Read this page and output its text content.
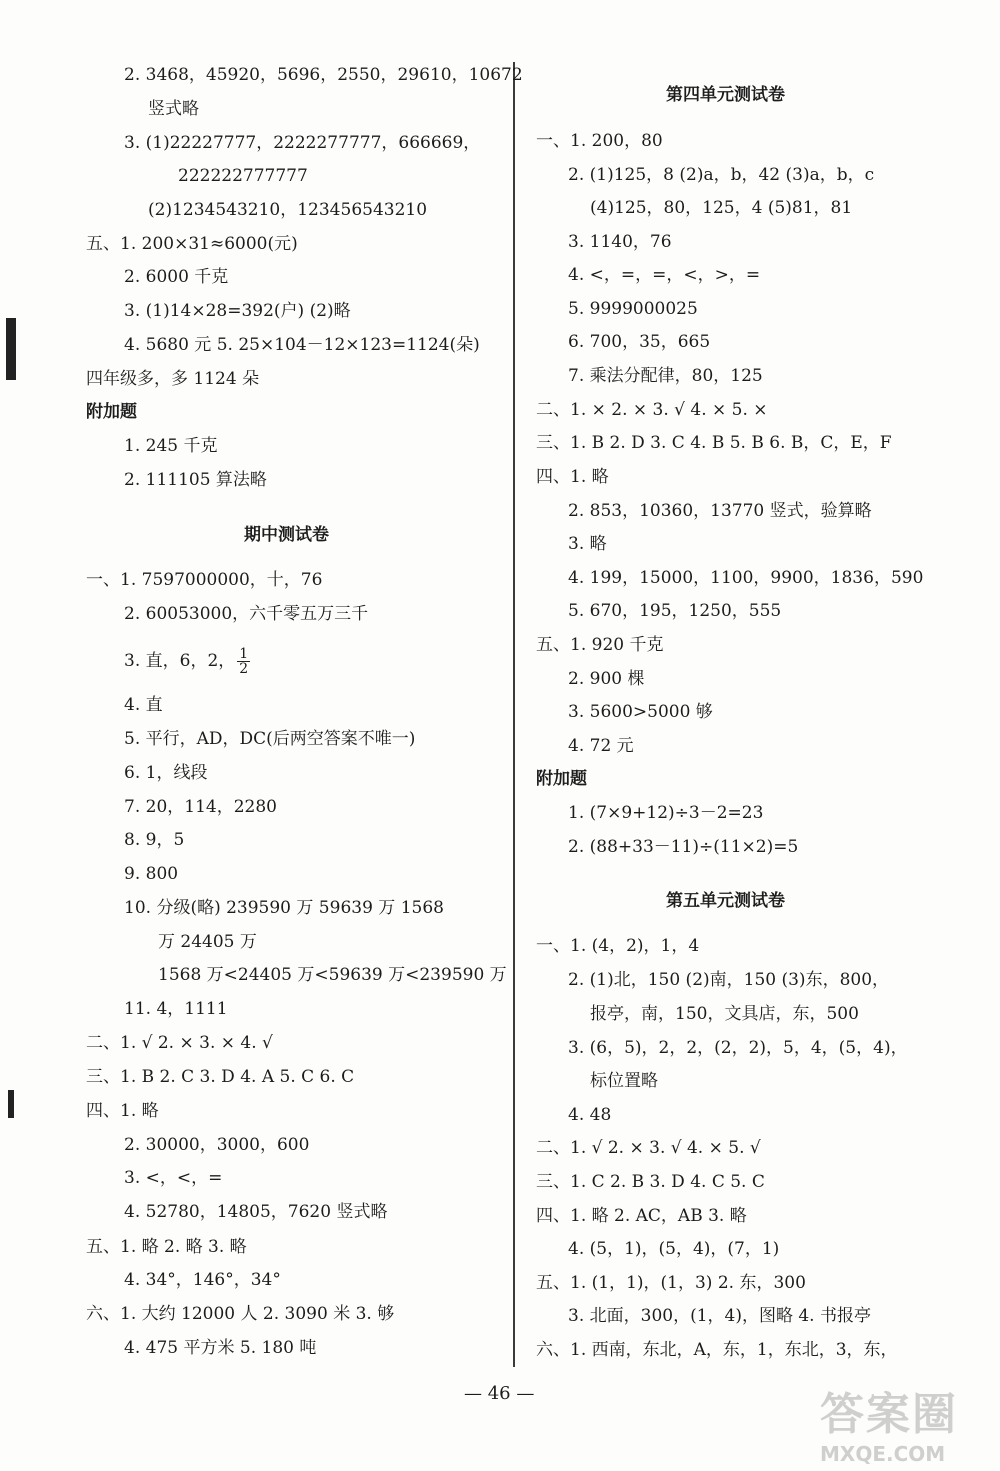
2. 3468，45920，5696，2550，29610，10672
竖式略
3. (1)22227777，2222277777，666669，
222222777777
(2)1234543210，123456543210
五、1. 200×31≈6000(元)
2. 6000 千克
3. (1)14×28=392(户) (2)略
4. 5680 元 5. 25×104－12×123=1124(朵)
四年级多，多 1124 朵
附加题
1. 245 千克
2. 111105 算法略
期中测试卷
一、1. 7597000000，十，76
2. 60053000，六千零五万三千
3. 直，6，2， $\frac{1}{2}$
4. 直
5. 平行，AD，DC(后两空答案不唯一)
6. 1，线段
7. 20，114，2280
8. 9，5
9. 800
10. 分级(略) 239590 万 59639 万 1568
万 24405 万
1568 万<24405 万<59639 万<239590 万
11. 4，1111
二、1. √ 2. × 3. × 4. √
三、1. B 2. C 3. D 4. A 5. C 6. C
四、1. 略
2. 30000，3000，600
3. <，<，=
4. 52780，14805，7620 竖式略
五、1. 略 2. 略 3. 略
4. 34°，146°，34°
六、1. 大约 12000 人 2. 3090 米 3. 够
4. 475 平方米 5. 180 吨
第四单元测试卷
一、1. 200，80
2. (1)125，8 (2)a，b，42 (3)a，b，c
(4)125，80，125，4 (5)81，81
3. 1140，76
4. <，=，=，<，>，=
5. 9999000025
6. 700，35，665
7. 乘法分配律，80，125
二、1. × 2. × 3. √ 4. × 5. ×
三、1. B 2. D 3. C 4. B 5. B 6. B，C，E，F
四、1. 略
2. 853，10360，13770 竖式，验算略
3. 略
4. 199，15000，1100，9900，1836，590
5. 670，195，1250，555
五、1. 920 千克
2. 900 棵
3. 5600>5000 够
4. 72 元
附加题
1. (7×9+12)÷3－2=23
2. (88+33－11)÷(11×2)=5
第五单元测试卷
一、1. (4，2)，1，4
2. (1)北，150 (2)南，150 (3)东，800，
报亭，南，150，文具店，东，500
3. (6，5)，2，2，(2，2)，5，4，(5，4)，
标位置略
4. 48
二、1. √ 2. × 3. √ 4. × 5. √
三、1. C 2. B 3. D 4. C 5. C
四、1. 略 2. AC，AB 3. 略
4. (5，1)，(5，4)，(7，1)
五、1. (1，1)，(1，3) 2. 东，300
3. 北面，300，(1，4)，图略 4. 书报亭
六、1. 西南，东北，A，东，1，东北，3，东，
— 46 —	答案圈
MXQE.COM
